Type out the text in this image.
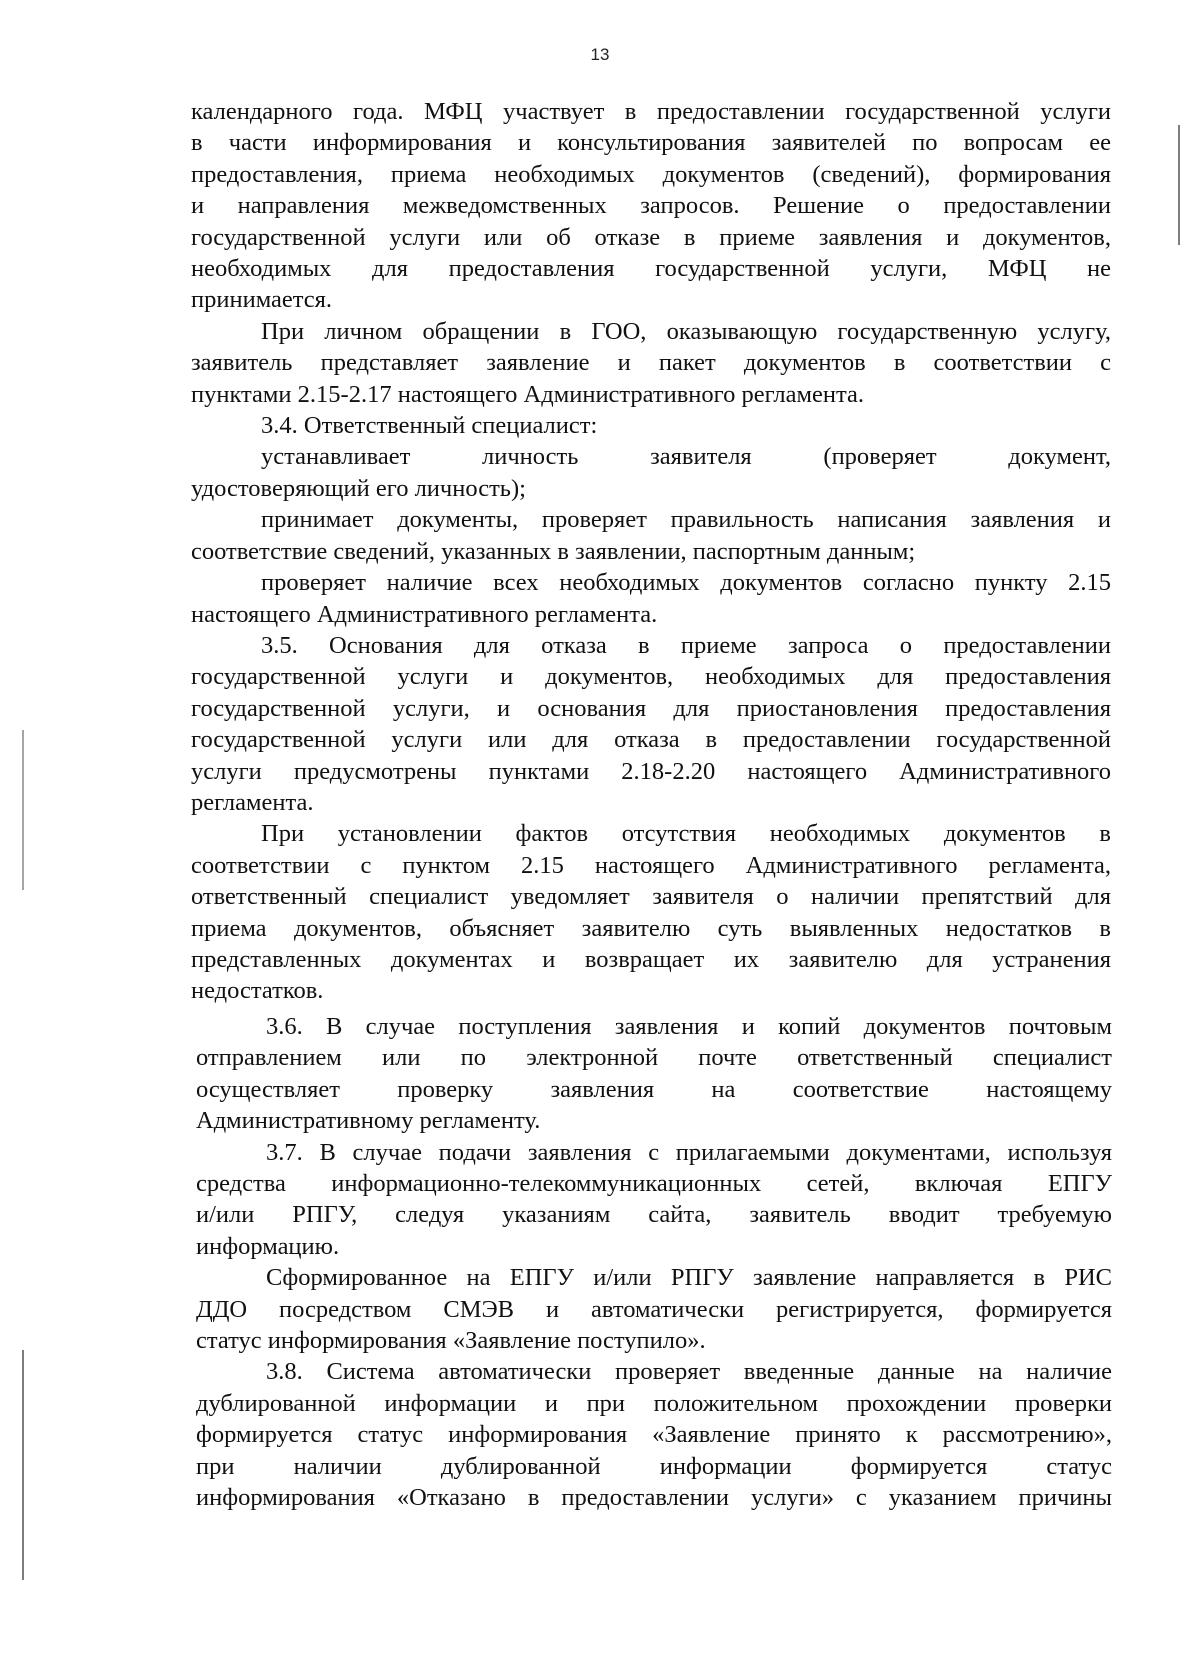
13
календарного года. МФЦ участвует в предоставлении государственной услуги
в части информирования и консультирования заявителей по вопросам ее
предоставления, приема необходимых документов (сведений), формирования
и направления межведомственных запросов. Решение о предоставлении
государственной услуги или об отказе в приеме заявления и документов,
необходимых для предоставления государственной услуги, МФЦ не
принимается.
При личном обращении в ГОО, оказывающую государственную услугу,
заявитель представляет заявление и пакет документов в соответствии с
пунктами 2.15-2.17 настоящего Административного регламента.
3.4. Ответственный специалист:
устанавливает личность заявителя (проверяет документ,
удостоверяющий его личность);
принимает документы, проверяет правильность написания заявления и
соответствие сведений, указанных в заявлении, паспортным данным;
проверяет наличие всех необходимых документов согласно пункту 2.15
настоящего Административного регламента.
3.5. Основания для отказа в приеме запроса о предоставлении
государственной услуги и документов, необходимых для предоставления
государственной услуги, и основания для приостановления предоставления
государственной услуги или для отказа в предоставлении государственной
услуги предусмотрены пунктами 2.18-2.20 настоящего Административного
регламента.
При установлении фактов отсутствия необходимых документов в
соответствии с пунктом 2.15 настоящего Административного регламента,
ответственный специалист уведомляет заявителя о наличии препятствий для
приема документов, объясняет заявителю суть выявленных недостатков в
представленных документах и возвращает их заявителю для устранения
недостатков.
3.6. В случае поступления заявления и копий документов почтовым
отправлением или по электронной почте ответственный специалист
осуществляет проверку заявления на соответствие настоящему
Административному регламенту.
3.7. В случае подачи заявления с прилагаемыми документами, используя
средства информационно-телекоммуникационных сетей, включая ЕПГУ
и/или РПГУ, следуя указаниям сайта, заявитель вводит требуемую
информацию.
Сформированное на ЕПГУ и/или РПГУ заявление направляется в РИС
ДДО посредством СМЭВ и автоматически регистрируется, формируется
статус информирования «Заявление поступило».
3.8. Система автоматически проверяет введенные данные на наличие
дублированной информации и при положительном прохождении проверки
формируется статус информирования «Заявление принято к рассмотрению»,
при наличии дублированной информации формируется статус
информирования «Отказано в предоставлении услуги» с указанием причины
